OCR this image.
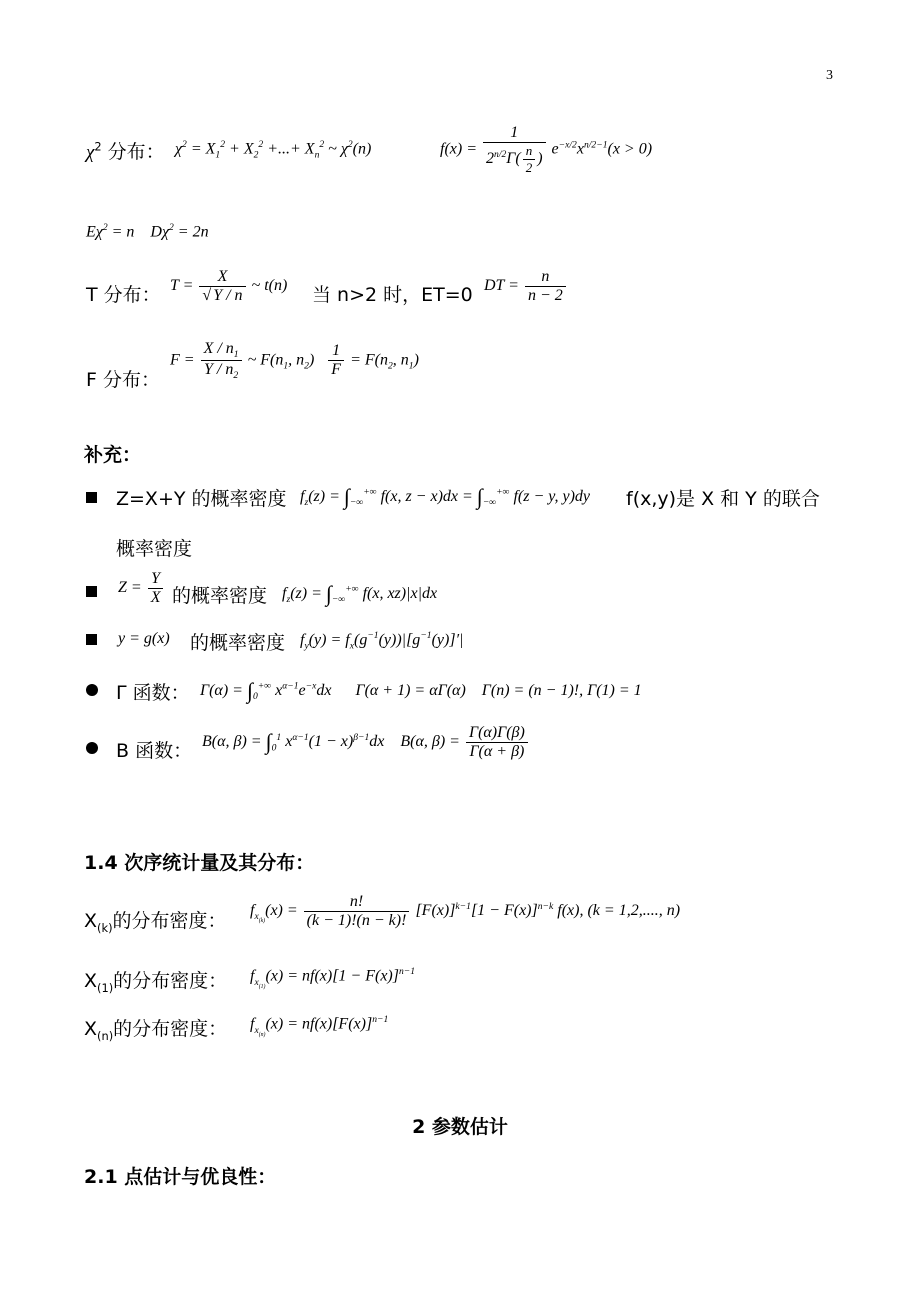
3
$\chi^2$ 分布： $\chi^2 = X_1^2 + X_2^2$ +...+ $X_n^2$ ~ $\chi^2(n)$	$f(x) = \frac{1}{2^{n/2}\Gamma( \frac{n}{2} )} e^{-x/2}x^{n/2-1}(x > 0)$
$E\chi^2 = n$    $D\chi^2 = 2n$
T 分布： $T = \frac{X}{√ Y / n}$ ~ t(n) 当 n>2 时，ET=0 DT = $\frac{n}{n - 2}$
F 分布：
$F = \frac{X / n_1}{Y / n_2}$ ~ $F(n_1$, $n_2) \frac{1}{F} = F(n_2$, $n_1$)
补充：
Z=X+Y 的概率密度 $f_z(z) = \int_{-\infty}^{+\infty}$ f(x, $z - x)dx = \int_{-\infty}^{+\infty}$ f(z − y, y)dy f(x,y)是 X 和 Y 的联合
概率密度
$Z = \frac{Y}{X}$ 的概率密度 $f_z(z) = \int_{-\infty}^{+\infty}$ f(x, xz)|x|dx
y = g(x) 的概率密度 $f_y(y) = f_x(g^{-1}(y))|[g^{-1}(y)]'|$
Γ 函数： $\Gamma(\alpha) = \int_0^{+\infty}$ $x^{\alpha-1}e^{-x}dx$      Γ(α + 1) = αΓ(α)    Γ(n) = (n − 1)!, Γ(1) = 1
B 函数： B(α, $\beta) = \int_0^1$ $x^{\alpha-1}(1 - x)^{\beta-1}dx$    B(α, $\beta) = \frac{\Gamma(\alpha)\Gamma(\beta)}{\Gamma(\alpha + \beta)}$
1.4 次序统计量及其分布：
$X_{(k)}$的分布密度： $f_{x_{(k)}}(x) = \frac{n!}{(k - 1)!(n - k)!} [F(x)]^{k-1}[1 - F(x)]^{n-k}$ f(x), (k = 1,2,...., n)
$X_{(1)}$的分布密度： $f_{x_{(1)}}(x) = nf(x)[1 - F(x)]^{n-1}$
$X_{(n)}$的分布密度： $f_{x_{(n)}}(x) = nf(x)[F(x)]^{n-1}$
2 参数估计
2.1 点估计与优良性：
